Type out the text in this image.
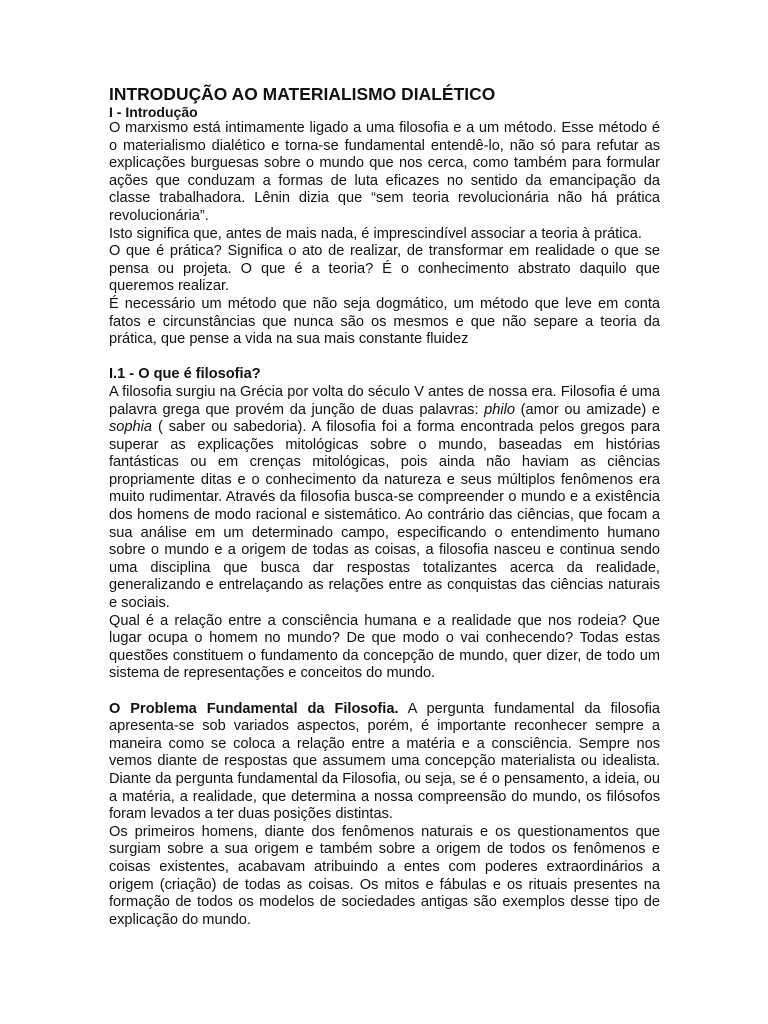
INTRODUÇÃO AO MATERIALISMO DIALÉTICO
I - Introdução

O marxismo está intimamente ligado a uma filosofia e a um método. Esse método é o materialismo dialético e torna-se fundamental entendê-lo, não só para refutar as explicações burguesas sobre o mundo que nos cerca, como também para formular ações que conduzam a formas de luta eficazes no sentido da emancipação da classe trabalhadora. Lênin dizia que “sem teoria revolucionária não há prática revolucionária”.

Isto significa que, antes de mais nada, é imprescindível associar a teoria à prática.

O que é prática? Significa o ato de realizar, de transformar em realidade o que se pensa ou projeta. O que é a teoria? É o conhecimento abstrato daquilo que queremos realizar.

É necessário um método que não seja dogmático, um método que leve em conta fatos e circunstâncias que nunca são os mesmos e que não separe a teoria da prática, que pense a vida na sua mais constante fluidez

I.1 - O que é filosofia?

A filosofia surgiu na Grécia por volta do século V antes de nossa era. Filosofia é uma palavra grega que provém da junção de duas palavras: philo (amor ou amizade) e sophia ( saber ou sabedoria). A filosofia foi a forma encontrada pelos gregos para superar as explicações mitológicas sobre o mundo, baseadas em histórias fantásticas ou em crenças mitológicas, pois ainda não haviam as ciências propriamente ditas e o conhecimento da natureza e seus múltiplos fenômenos era muito rudimentar. Através da filosofia busca-se compreender o mundo e a existência dos homens de modo racional e sistemático. Ao contrário das ciências, que focam a sua análise em um determinado campo, especificando o entendimento humano sobre o mundo e a origem de todas as coisas, a filosofia nasceu e continua sendo uma disciplina que busca dar respostas totalizantes acerca da realidade, generalizando e entrelaçando as relações entre as conquistas das ciências naturais e sociais.

Qual é a relação entre a consciência humana e a realidade que nos rodeia? Que lugar ocupa o homem no mundo? De que modo o vai conhecendo? Todas estas questões constituem o fundamento da concepção de mundo, quer dizer, de todo um sistema de representações e conceitos do mundo.

O Problema Fundamental da Filosofia. A pergunta fundamental da filosofia apresenta-se sob variados aspectos, porém, é importante reconhecer sempre a maneira como se coloca a relação entre a matéria e a consciência. Sempre nos vemos diante de respostas que assumem uma concepção materialista ou idealista. Diante da pergunta fundamental da Filosofia, ou seja, se é o pensamento, a ideia, ou a matéria, a realidade, que determina a nossa compreensão do mundo, os filósofos foram levados a ter duas posições distintas.

Os primeiros homens, diante dos fenômenos naturais e os questionamentos que surgiam sobre a sua origem e também sobre a origem de todos os fenômenos e coisas existentes, acabavam atribuindo a entes com poderes extraordinários a origem (criação) de todas as coisas. Os mitos e fábulas e os rituais presentes na formação de todos os modelos de sociedades antigas são exemplos desse tipo de explicação do mundo.
